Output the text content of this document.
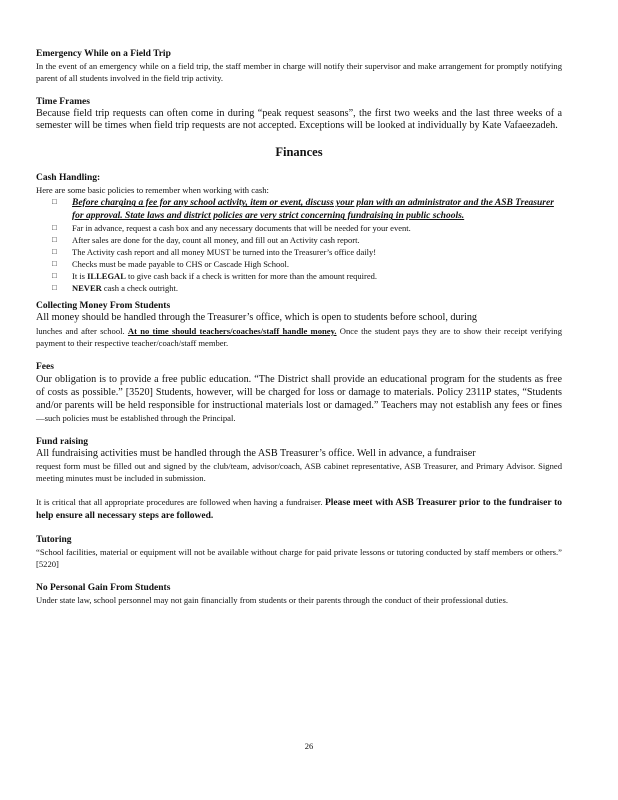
Emergency While on a Field Trip

In the event of an emergency while on a field trip, the staff member in charge will notify their supervisor and make arrangement for promptly notifying parent of all students involved in the field trip activity.

Time Frames

Because field trip requests can often come in during “peak request seasons”, the first two weeks and the last three weeks of a semester will be times when field trip requests are not accepted. Exceptions will be looked at individually by Kate Vafaeezadeh.

Finances

Cash Handling:

Here are some basic policies to remember when working with cash:

□ Before charging a fee for any school activity, item or event, discuss your plan with an administrator and the ASB Treasurer for approval. State laws and district policies are very strict concerning fundraising in public schools.
□ Far in advance, request a cash box and any necessary documents that will be needed for your event.
□ After sales are done for the day, count all money, and fill out an Activity cash report.
□ The Activity cash report and all money MUST be turned into the Treasurer’s office daily!
□ Checks must be made payable to CHS or Cascade High School.
□ It is ILLEGAL to give cash back if a check is written for more than the amount required.
□ NEVER cash a check outright.

Collecting Money From Students

All money should be handled through the Treasurer’s office, which is open to students before school, during

lunches and after school. At no time should teachers/coaches/staff handle money. Once the student pays they are to show their receipt verifying payment to their respective teacher/coach/staff member.

Fees

Our obligation is to provide a free public education. “The District shall provide an educational program for the students as free of costs as possible.” [3520] Students, however, will be charged for loss or damage to materials. Policy 2311P states, “Students and/or parents will be held responsible for instructional materials lost or damaged.” Teachers may not establish any fees or fines —such policies must be established through the Principal.

Fund raising

All fundraising activities must be handled through the ASB Treasurer’s office. Well in advance, a fundraiser

request form must be filled out and signed by the club/team, advisor/coach, ASB cabinet representative, ASB Treasurer, and Primary Advisor. Signed meeting minutes must be included in submission.

It is critical that all appropriate procedures are followed when having a fundraiser. Please meet with ASB Treasurer prior to the fundraiser to help ensure all necessary steps are followed.

Tutoring

“School facilities, material or equipment will not be available without charge for paid private lessons or tutoring conducted by staff members or others.” [5220]

No Personal Gain From Students

Under state law, school personnel may not gain financially from students or their parents through the conduct of their professional duties.

26
